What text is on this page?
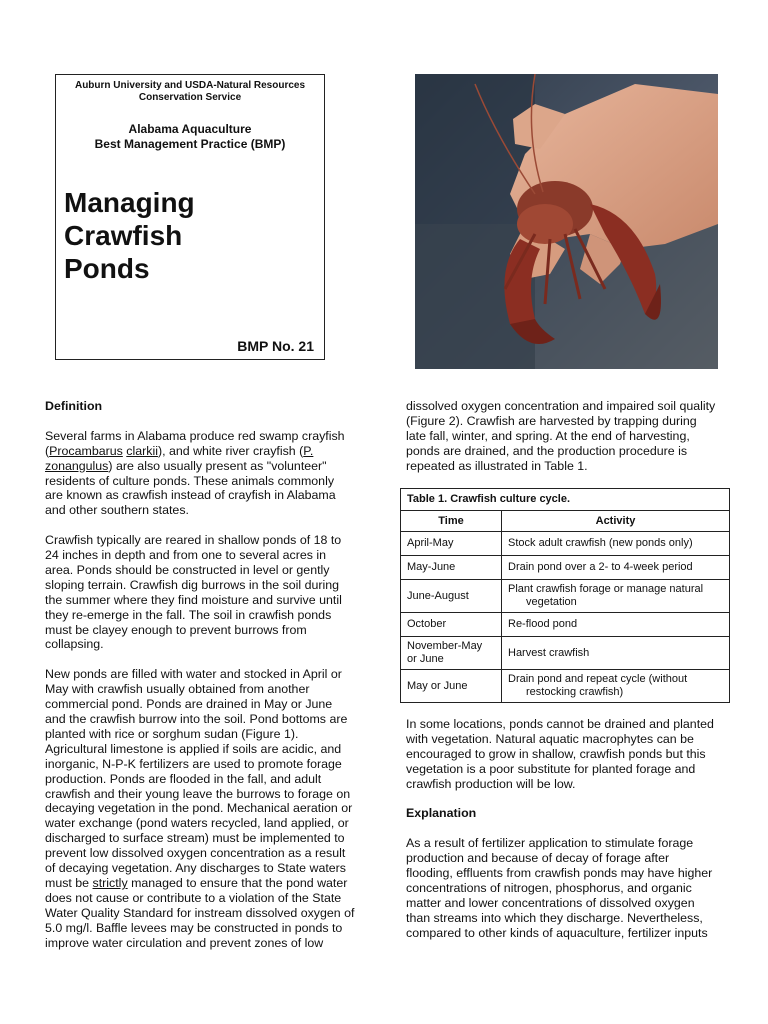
Auburn University and USDA-Natural Resources
Conservation Service
Alabama Aquaculture
Best Management Practice (BMP)
Managing
Crawfish
Ponds
BMP No. 21
Definition

Several farms in Alabama produce red swamp crayfish
(Procambarus clarkii), and white river crayfish (P.
zonangulus) are also usually present as "volunteer"
residents of culture ponds. These animals commonly
are known as crawfish instead of crayfish in Alabama
and other southern states.

Crawfish typically are reared in shallow ponds of 18 to
24 inches in depth and from one to several acres in
area. Ponds should be constructed in level or gently
sloping terrain. Crawfish dig burrows in the soil during
the summer where they find moisture and survive until
they re-emerge in the fall. The soil in crawfish ponds
must be clayey enough to prevent burrows from
collapsing.

New ponds are filled with water and stocked in April or
May with crawfish usually obtained from another
commercial pond. Ponds are drained in May or June
and the crawfish burrow into the soil. Pond bottoms are
planted with rice or sorghum sudan (Figure 1).
Agricultural limestone is applied if soils are acidic, and
inorganic, N-P-K fertilizers are used to promote forage
production. Ponds are flooded in the fall, and adult
crawfish and their young leave the burrows to forage on
decaying vegetation in the pond. Mechanical aeration or
water exchange (pond waters recycled, land applied, or
discharged to surface stream) must be implemented to
prevent low dissolved oxygen concentration as a result
of decaying vegetation. Any discharges to State waters
must be strictly managed to ensure that the pond water
does not cause or contribute to a violation of the State
Water Quality Standard for instream dissolved oxygen of
5.0 mg/l. Baffle levees may be constructed in ponds to
improve water circulation and prevent zones of low

dissolved oxygen concentration and impaired soil quality
(Figure 2). Crawfish are harvested by trapping during
late fall, winter, and spring. At the end of harvesting,
ponds are drained, and the production procedure is
repeated as illustrated in Table 1.

Table 1. Crawfish culture cycle.	
Time	Activity
April-May	Stock adult crawfish (new ponds only)
May-June	Drain pond over a 2- to 4-week period
June-August	Plant crawfish forage or manage natural
vegetation
October	Re-flood pond
November-May
or June	Harvest crawfish
May or June	Drain pond and repeat cycle (without
restocking crawfish)

In some locations, ponds cannot be drained and planted
with vegetation. Natural aquatic macrophytes can be
encouraged to grow in shallow, crawfish ponds but this
vegetation is a poor substitute for planted forage and
crawfish production will be low.

Explanation

As a result of fertilizer application to stimulate forage
production and because of decay of forage after
flooding, effluents from crawfish ponds may have higher
concentrations of nitrogen, phosphorus, and organic
matter and lower concentrations of dissolved oxygen
than streams into which they discharge. Nevertheless,
compared to other kinds of aquaculture, fertilizer inputs
